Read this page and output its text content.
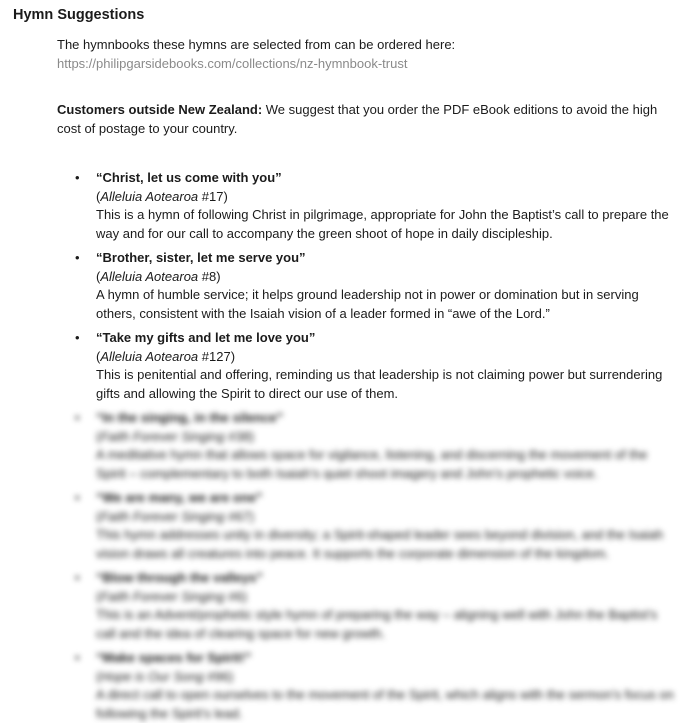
Hymn Suggestions

The hymnbooks these hymns are selected from can be ordered here:

https://philipgarsidebooks.com/collections/nz-hymnbook-trust

Customers outside New Zealand: We suggest that you order the PDF eBook editions to avoid the high cost of postage to your country.

• “Christ, let us come with you”
(Alleluia Aotearoa #17)
This is a hymn of following Christ in pilgrimage, appropriate for John the Baptist’s call to prepare the way and for our call to accompany the green shoot of hope in daily discipleship.
• “Brother, sister, let me serve you”
(Alleluia Aotearoa #8)
A hymn of humble service; it helps ground leadership not in power or domination but in serving others, consistent with the Isaiah vision of a leader formed in “awe of the Lord.”
• “Take my gifts and let me love you”
(Alleluia Aotearoa #127)
This is penitential and offering, reminding us that leadership is not claiming power but surrendering gifts and allowing the Spirit to direct our use of them.
• “In the singing, in the silence”
(Faith Forever Singing #38)
A meditative hymn that allows space for vigilance, listening, and discerning the movement of the Spirit – complementary to both Isaiah’s quiet shoot imagery and John’s prophetic voice.
• “We are many, we are one”
(Faith Forever Singing #67)
This hymn addresses unity in diversity; a Spirit-shaped leader sees beyond division, and the Isaiah vision draws all creatures into peace. It supports the corporate dimension of the kingdom.
• “Blow through the valleys”
(Faith Forever Singing #6)
This is an Advent/prophetic style hymn of preparing the way – aligning well with John the Baptist’s call and the idea of clearing space for new growth.
• “Make spaces for Spirit!”
(Hope is Our Song #96)
A direct call to open ourselves to the movement of the Spirit, which aligns with the sermon’s focus on following the Spirit’s lead.
